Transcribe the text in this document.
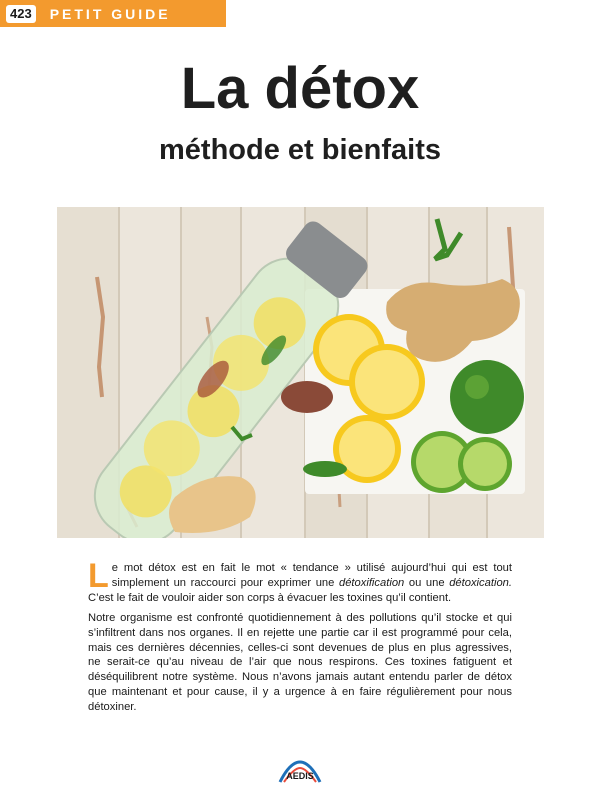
423 PETIT GUIDE
La détox
méthode et bienfaits

Le mot détox est en fait le mot « tendance » utilisé aujourd’hui qui est tout simplement un raccourci pour exprimer une détoxification ou une détoxication. C’est le fait de vouloir aider son corps à évacuer les toxines qu’il contient.

Notre organisme est confronté quotidiennement à des pollutions qu’il stocke et qui s’infiltrent dans nos organes. Il en rejette une partie car il est programmé pour cela, mais ces dernières décennies, celles-ci sont devenues de plus en plus agressives, ne serait-ce qu’au niveau de l’air que nous respirons. Ces toxines fatiguent et déséquilibrent notre système. Nous n’avons jamais autant entendu parler de détox que maintenant et pour cause, il y a urgence à en faire régulièrement pour nous détoxiner.

AEDIS
